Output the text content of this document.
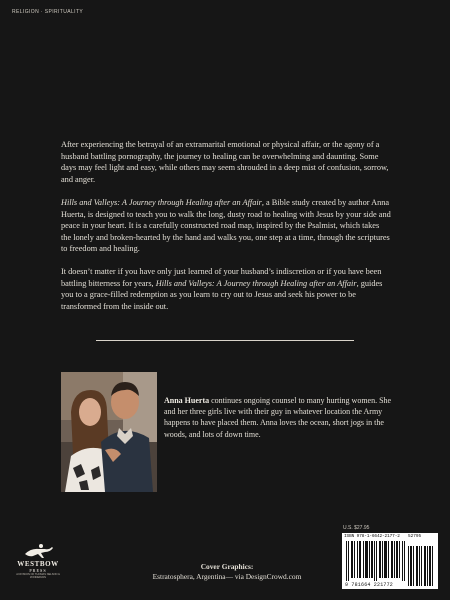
RELIGION · SPIRITUALITY

After experiencing the betrayal of an extramarital emotional or physical affair, or the agony of a husband battling pornography, the journey to healing can be overwhelming and daunting. Some days may feel light and easy, while others may seem shrouded in a deep mist of confusion, sorrow, and anger.

Hills and Valleys: A Journey through Healing after an Affair, a Bible study created by author Anna Huerta, is designed to teach you to walk the long, dusty road to healing with Jesus by your side and peace in your heart. It is a carefully constructed road map, inspired by the Psalmist, which takes the lonely and broken-hearted by the hand and walks you, one step at a time, through the scriptures to freedom and healing.

It doesn’t matter if you have only just learned of your husband’s indiscretion or if you have been battling bitterness for years, Hills and Valleys: A Journey through Healing after an Affair, guides you to a grace-filled redemption as you learn to cry out to Jesus and seek his power to be transformed from the inside out.

Anna Huerta continues ongoing counsel to many hurting women. She and her three girls live with their guy in whatever location the Army happens to have placed them. Anna loves the ocean, short jogs in the woods, and lots of down time.

U.S. $27.95
ISBN 978-1-6642-2177-2	52795
9 781664 221772
WESTBOW
PRESS
A DIVISION OF THOMAS NELSON & ZONDERVAN
Cover Graphics:
Estratosphera, Argentina— via DesignCrowd.com
